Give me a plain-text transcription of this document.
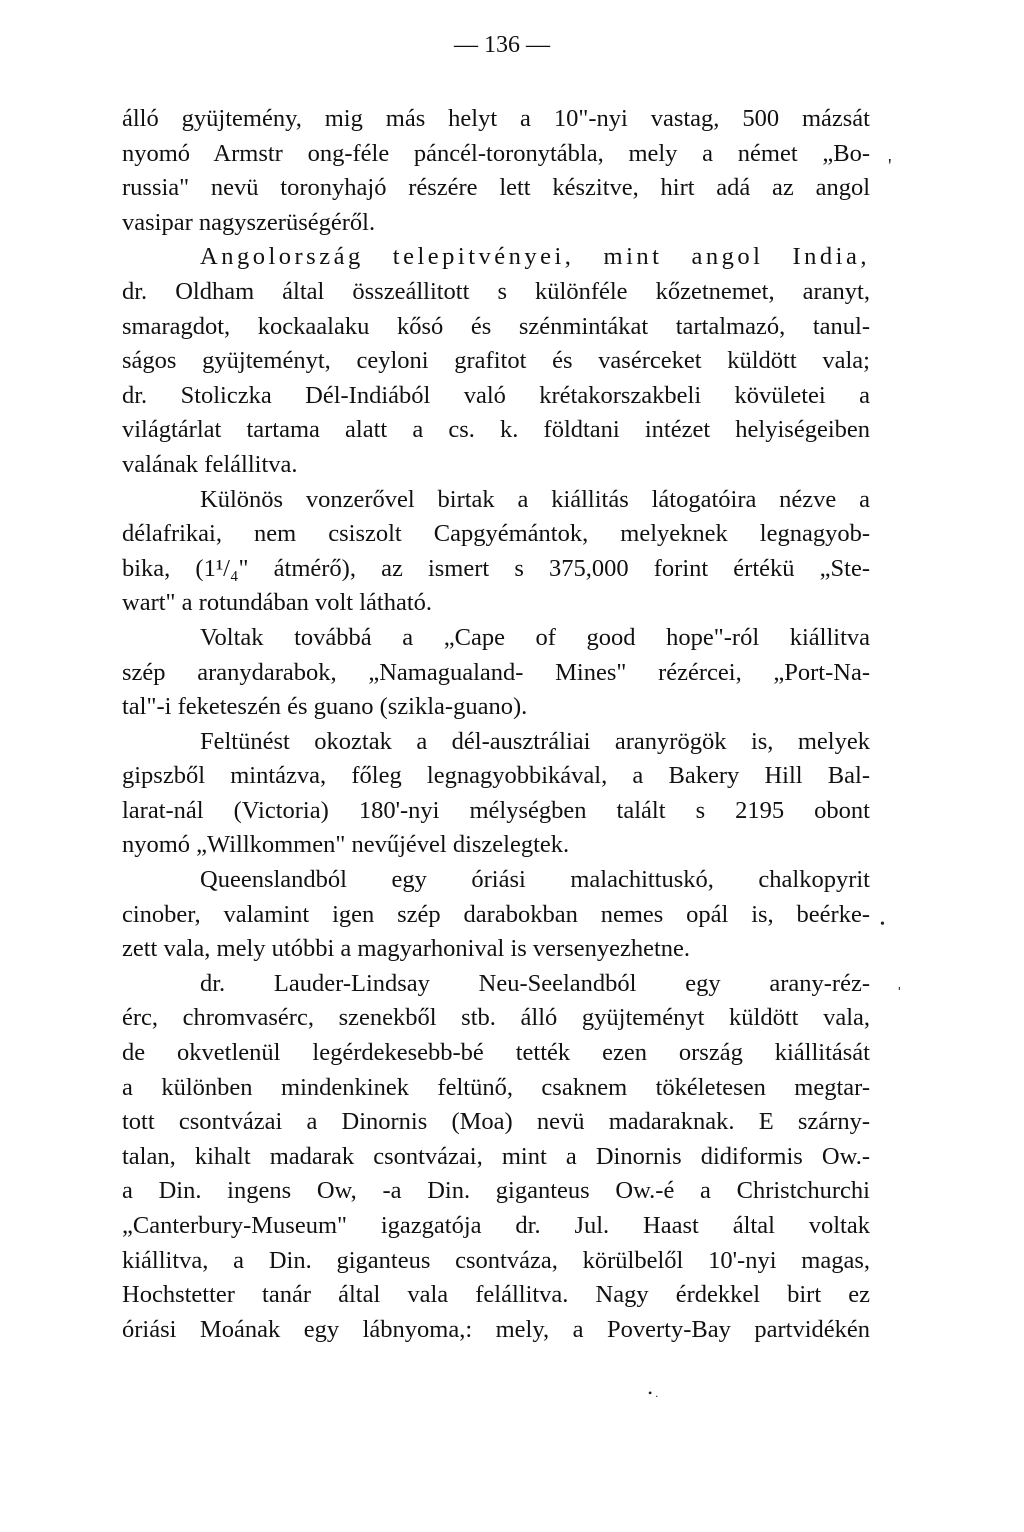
— 136 —
álló gyüjtemény, mig más helyt a 10"-nyi vastag, 500 mázsát
nyomó Armstr ong-féle páncél-toronytábla, mely a német „Bo-
russia" nevü toronyhajó részére lett készitve, hirt adá az angol
vasipar nagyszerüségéről.
Angolország telepitvényei, mint angol India,
dr. Oldham által összeállitott s különféle kőzetnemet, aranyt,
smaragdot, kockaalaku kősó és szénmintákat tartalmazó, tanul-
ságos gyüjteményt, ceyloni grafitot és vasérceket küldött vala;
dr. Stoliczka Dél-Indiából való krétakorszakbeli kövületei a
világtárlat tartama alatt a cs. k. földtani intézet helyiségeiben
valának felállitva.
Különös vonzerővel birtak a kiállitás látogatóira nézve a
délafrikai, nem csiszolt Capgyémántok, melyeknek legnagyob-
bika, (1¹/₄" átmérő), az ismert s 375,000 forint értékü „Ste-
wart" a rotundában volt látható.
Voltak továbbá a „Cape of good hope"-ról kiállitva
szép aranydarabok, „Namagualand- Mines" rézércei, „Port-Na-
tal"-i feketeszén és guano (szikla-guano).
Feltünést okoztak a dél-ausztráliai aranyrögök is, melyek
gipszből mintázva, főleg legnagyobbikával, a Bakery Hill Bal-
larat-nál (Victoria) 180'-nyi mélységben talált s 2195 obont
nyomó „Willkommen" nevűjével diszelegtek.
Queenslandból egy óriási malachittuskó, chalkopyrit
cinober, valamint igen szép darabokban nemes opál is, beérke-
zett vala, mely utóbbi a magyarhonival is versenyezhetne.
dr. Lauder-Lindsay Neu-Seelandból egy arany-réz-
érc, chromvasérc, szenekből stb. álló gyüjteményt küldött vala,
de okvetlenül legérdekesebb-bé tették ezen ország kiállitását
a különben mindenkinek feltünő, csaknem tökéletesen megtar-
tott csontvázai a Dinornis (Moa) nevü madaraknak. E szárny-
talan, kihalt madarak csontvázai, mint a Dinornis didiformis Ow.-
a Din. ingens Ow, -a Din. giganteus Ow.-é a Christchurchi
„Canterbury-Museum" igazgatója dr. Jul. Haast által voltak
kiállitva, a Din. giganteus csontváza, körülbelől 10'-nyi magas,
Hochstetter tanár által vala felállitva. Nagy érdekkel birt ez
óriási Moának egy lábnyoma,: mely, a Poverty-Bay partvidékén
'
•
ˈ
• .
